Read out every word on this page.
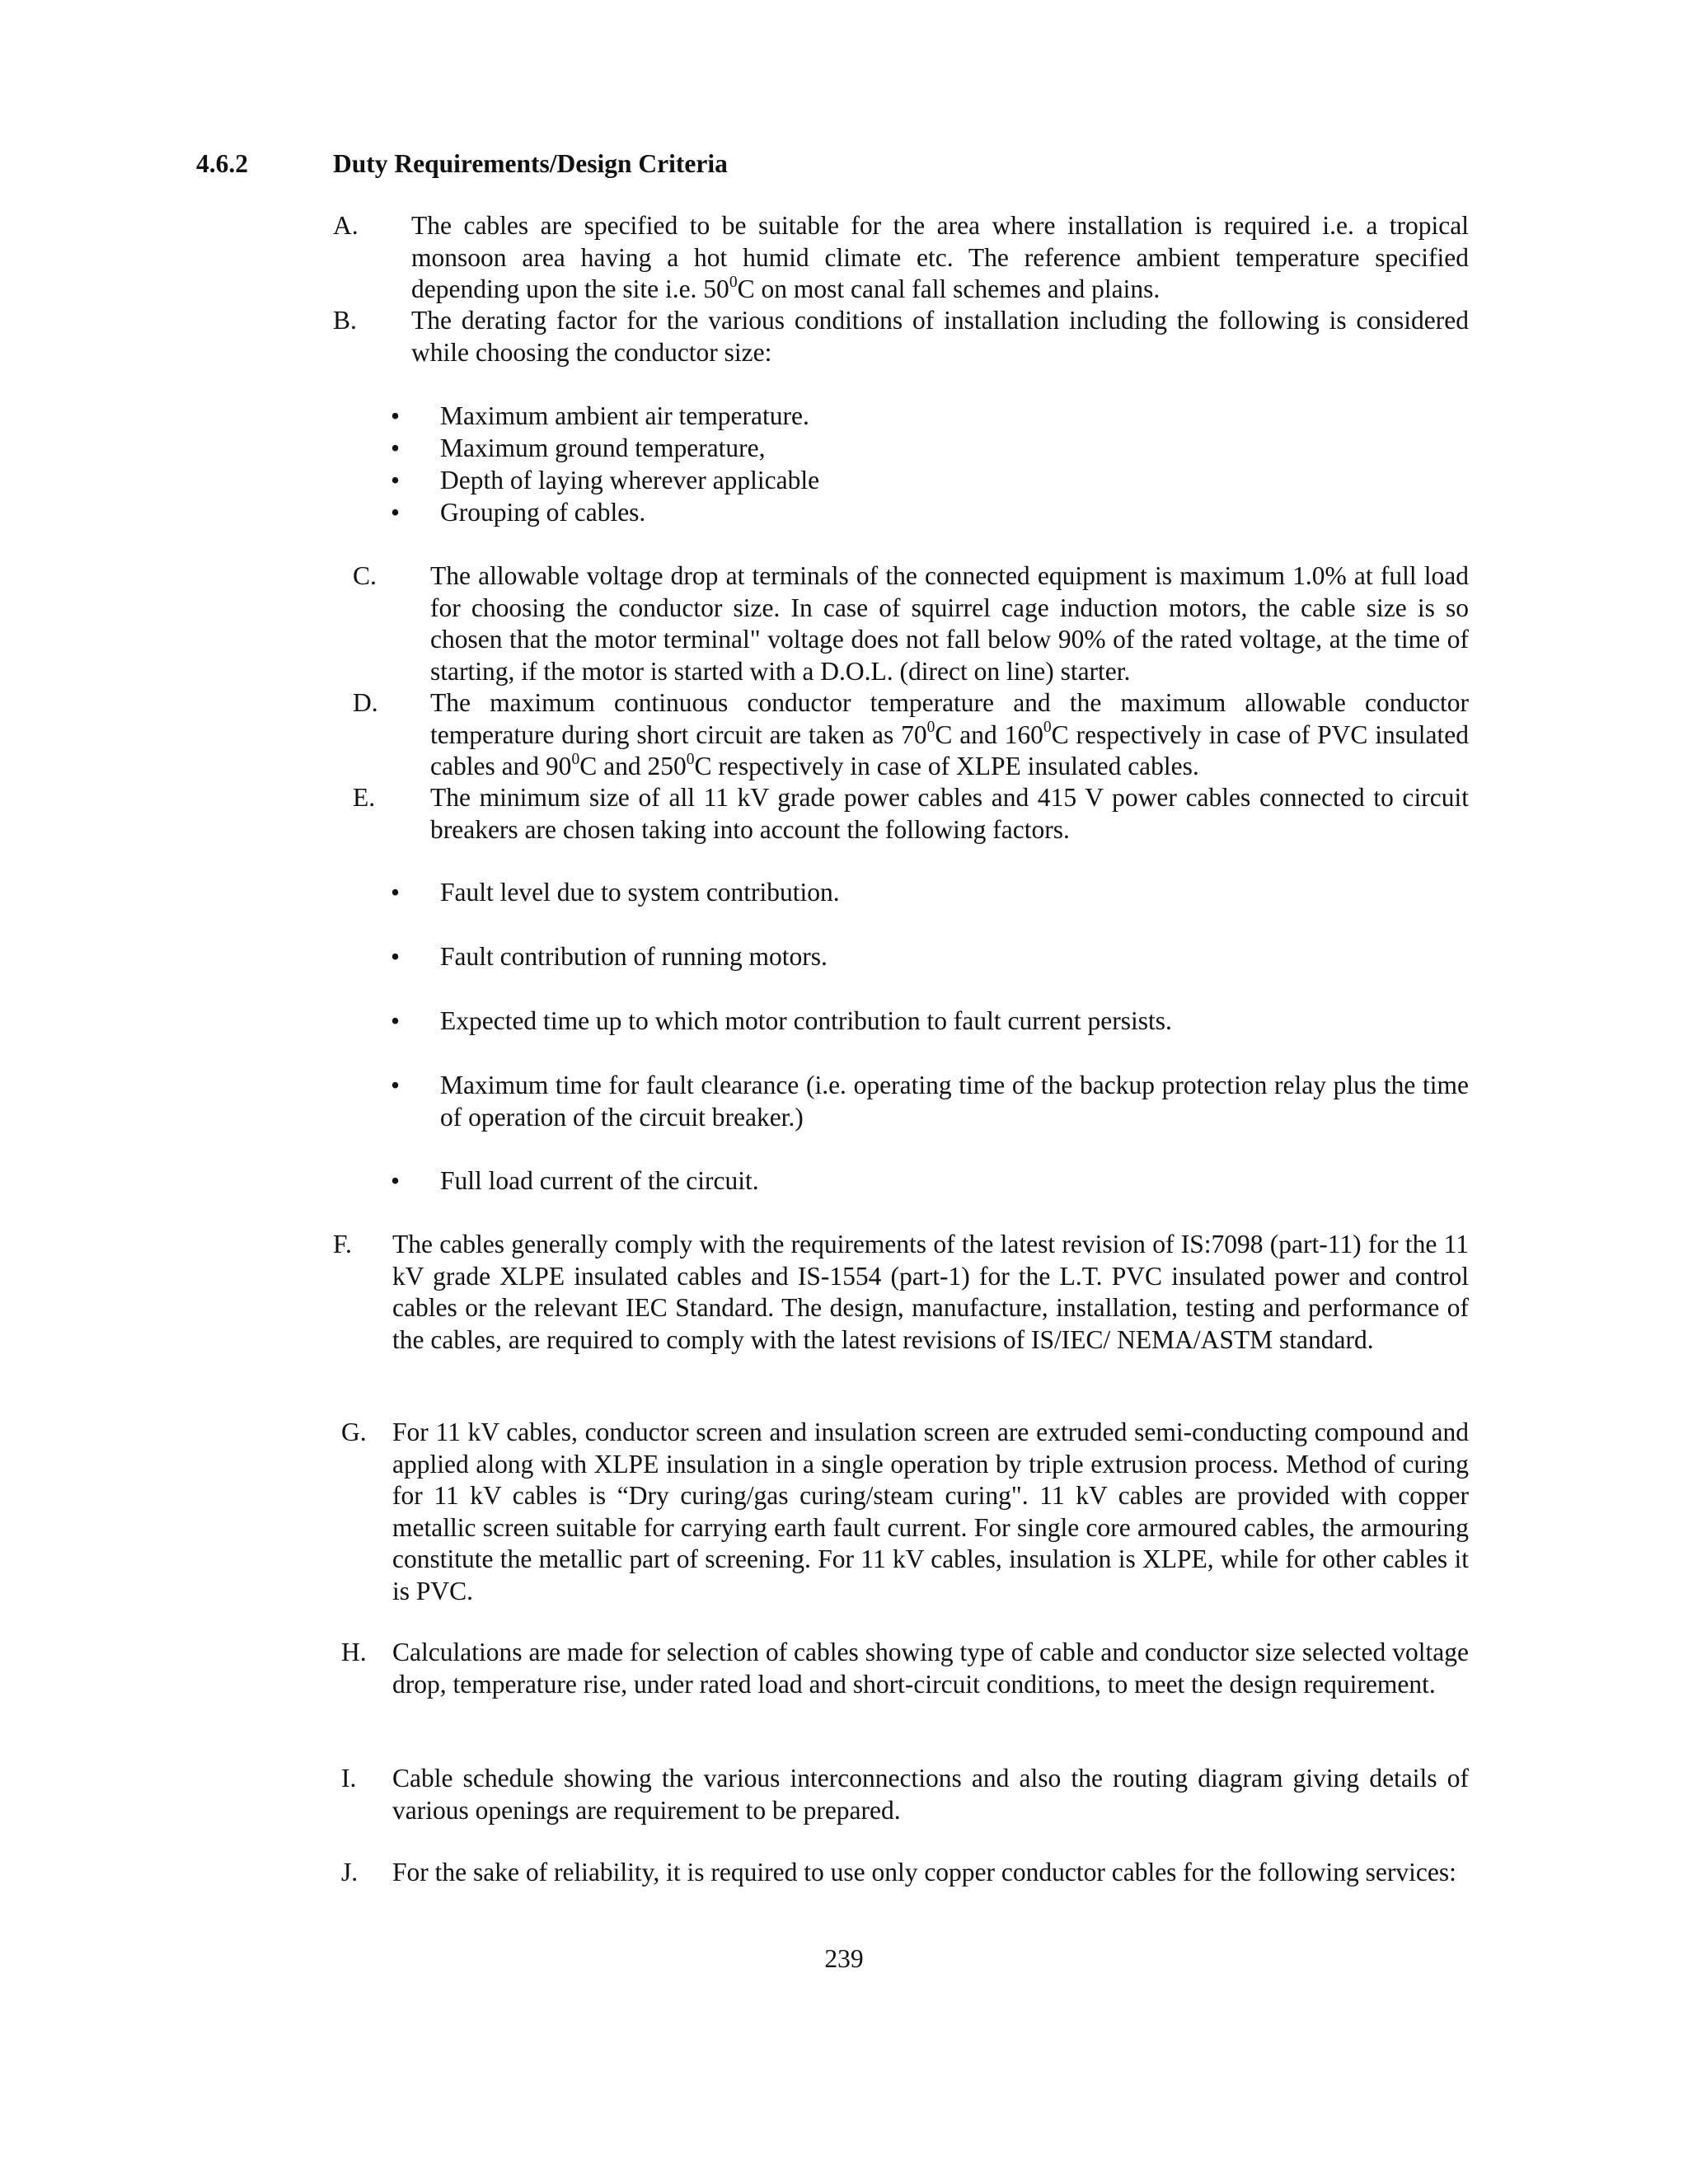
4.6.2	Duty Requirements/Design Criteria
A. The cables are specified to be suitable for the area where installation is required i.e. a tropical monsoon area having a hot humid climate etc. The reference ambient temperature specified depending upon the site i.e. $50^0C$ on most canal fall schemes and plains.
B. The derating factor for the various conditions of installation including the following is considered while choosing the conductor size:
• Maximum ambient air temperature.
• Maximum ground temperature,
• Depth of laying wherever applicable
• Grouping of cables.
C. The allowable voltage drop at terminals of the connected equipment is maximum 1.0% at full load for choosing the conductor size. In case of squirrel cage induction motors, the cable size is so chosen that the motor terminal" voltage does not fall below 90% of the rated voltage, at the time of starting, if the motor is started with a D.O.L. (direct on line) starter.
D. The maximum continuous conductor temperature and the maximum allowable conductor temperature during short circuit are taken as $70^0C$ and $160^0C$ respectively in case of PVC insulated cables and $90^0C$ and $250^0C$ respectively in case of XLPE insulated cables.
E. The minimum size of all 11 kV grade power cables and 415 V power cables connected to circuit breakers are chosen taking into account the following factors.
• Fault level due to system contribution.
• Fault contribution of running motors.
• Expected time up to which motor contribution to fault current persists.
• Maximum time for fault clearance (i.e. operating time of the backup protection relay plus the time of operation of the circuit breaker.)
• Full load current of the circuit.
F. The cables generally comply with the requirements of the latest revision of IS:7098 (part-11) for the 11 kV grade XLPE insulated cables and IS-1554 (part-1) for the L.T. PVC insulated power and control cables or the relevant IEC Standard. The design, manufacture, installation, testing and performance of the cables, are required to comply with the latest revisions of IS/IEC/ NEMA/ASTM standard.
G. For 11 kV cables, conductor screen and insulation screen are extruded semi-conducting compound and applied along with XLPE insulation in a single operation by triple extrusion process. Method of curing for 11 kV cables is “Dry curing/gas curing/steam curing". 11 kV cables are provided with copper metallic screen suitable for carrying earth fault current. For single core armoured cables, the armouring constitute the metallic part of screening. For 11 kV cables, insulation is XLPE, while for other cables it is PVC.
H. Calculations are made for selection of cables showing type of cable and conductor size selected voltage drop, temperature rise, under rated load and short-circuit conditions, to meet the design requirement.
I. Cable schedule showing the various interconnections and also the routing diagram giving details of various openings are requirement to be prepared.
J. For the sake of reliability, it is required to use only copper conductor cables for the following services:
239
